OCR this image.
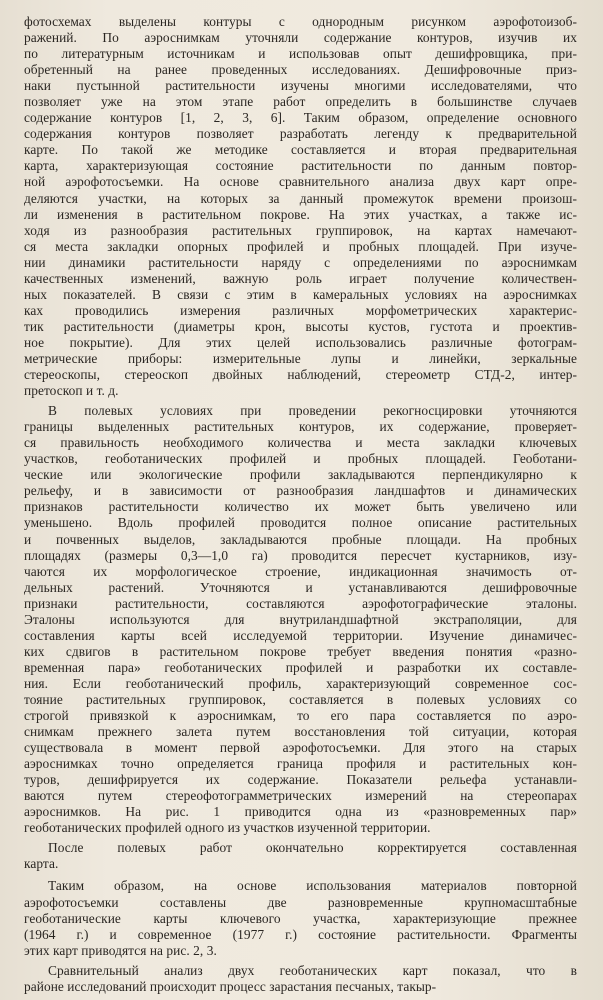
фотосхемах выделены контуры с однородным рисунком аэрофотоизоб-
ражений. По аэроснимкам уточняли содержание контуров, изучив их
по литературным источникам и использовав опыт дешифровщика, при-
обретенный на ранее проведенных исследованиях. Дешифровочные приз-
наки пустынной растительности изучены многими исследователями, что
позволяет уже на этом этапе работ определить в большинстве случаев
содержание контуров [1, 2, 3, 6]. Таким образом, определение основного
содержания контуров позволяет разработать легенду к предварительной
карте. По такой же методике составляется и вторая предварительная
карта, характеризующая состояние растительности по данным повтор-
ной аэрофотосъемки. На основе сравнительного анализа двух карт опре-
деляются участки, на которых за данный промежуток времени произош-
ли изменения в растительном покрове. На этих участках, а также ис-
ходя из разнообразия растительных группировок, на картах намечают-
ся места закладки опорных профилей и пробных площадей. При изуче-
нии динамики растительности наряду с определениями по аэроснимкам
качественных изменений, важную роль играет получение количествен-
ных показателей. В связи с этим в камеральных условиях на аэроснимках
ках проводились измерения различных морфометрических характерис-
тик растительности (диаметры крон, высоты кустов, густота и проектив-
ное покрытие). Для этих целей использовались различные фотограм-
метрические приборы: измерительные лупы и линейки, зеркальные
стереоскопы, стереоскоп двойных наблюдений, стереометр СТД-2, интер-
претоскоп и т. д.

В полевых условиях при проведении рекогносцировки уточняются
границы выделенных растительных контуров, их содержание, проверяет-
ся правильность необходимого количества и места закладки ключевых
участков, геоботанических профилей и пробных площадей. Геоботани-
ческие или экологические профили закладываются перпендикулярно к
рельефу, и в зависимости от разнообразия ландшафтов и динамических
признаков растительности количество их может быть увеличено или
уменьшено. Вдоль профилей проводится полное описание растительных
и почвенных выделов, закладываются пробные площади. На пробных
площадях (размеры 0,3—1,0 га) проводится пересчет кустарников, изу-
чаются их морфологическое строение, индикационная значимость от-
дельных растений. Уточняются и устанавливаются дешифровочные
признаки растительности, составляются аэрофотографические эталоны.
Эталоны используются для внутриландшафтной экстраполяции, для
составления карты всей исследуемой территории. Изучение динамичес-
ких сдвигов в растительном покрове требует введения понятия «разно-
временная пара» геоботанических профилей и разработки их составле-
ния. Если геоботанический профиль, характеризующий современное сос-
тояние растительных группировок, составляется в полевых условиях со
строгой привязкой к аэроснимкам, то его пара составляется по аэро-
снимкам прежнего залета путем восстановления той ситуации, которая
существовала в момент первой аэрофотосъемки. Для этого на старых
аэроснимках точно определяется граница профиля и растительных кон-
туров, дешифрируется их содержание. Показатели рельефа устанавли-
ваются путем стереофотограмметрических измерений на стереопарах
аэроснимков. На рис. 1 приводится одна из «разновременных пар»
геоботанических профилей одного из участков изученной территории.

После полевых работ окончательно корректируется составленная
карта.

Таким образом, на основе использования материалов повторной
аэрофотосъемки составлены две разновременные крупномасштабные
геоботанические карты ключевого участка, характеризующие прежнее
(1964 г.) и современное (1977 г.) состояние растительности. Фрагменты
этих карт приводятся на рис. 2, 3.

Сравнительный анализ двух геоботанических карт показал, что в
районе исследований происходит процесс зарастания песчаных, такыр-
